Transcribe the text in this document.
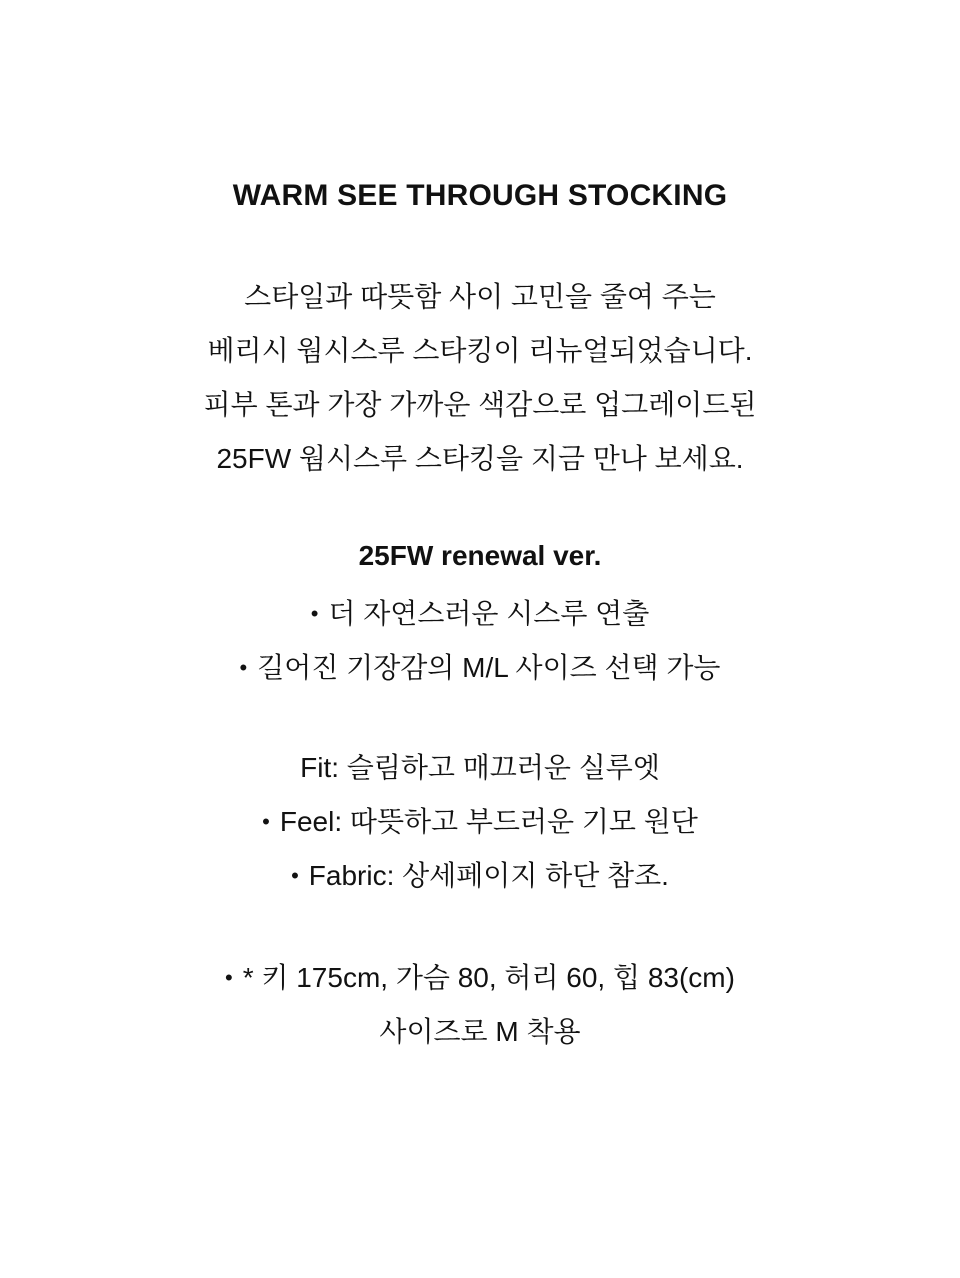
WARM SEE THROUGH STOCKING
스타일과 따뜻함 사이 고민을 줄여 주는
베리시 웜시스루 스타킹이 리뉴얼되었습니다.
피부 톤과 가장 가까운 색감으로 업그레이드된
25FW 웜시스루 스타킹을 지금 만나 보세요.
25FW renewal ver.
• 더 자연스러운 시스루 연출
• 길어진 기장감의 M/L 사이즈 선택 가능
Fit: 슬림하고 매끄러운 실루엣
• Feel: 따뜻하고 부드러운 기모 원단
• Fabric: 상세페이지 하단 참조.
• * 키 175cm, 가슴 80, 허리 60, 힙 83(cm)
사이즈로 M 착용
